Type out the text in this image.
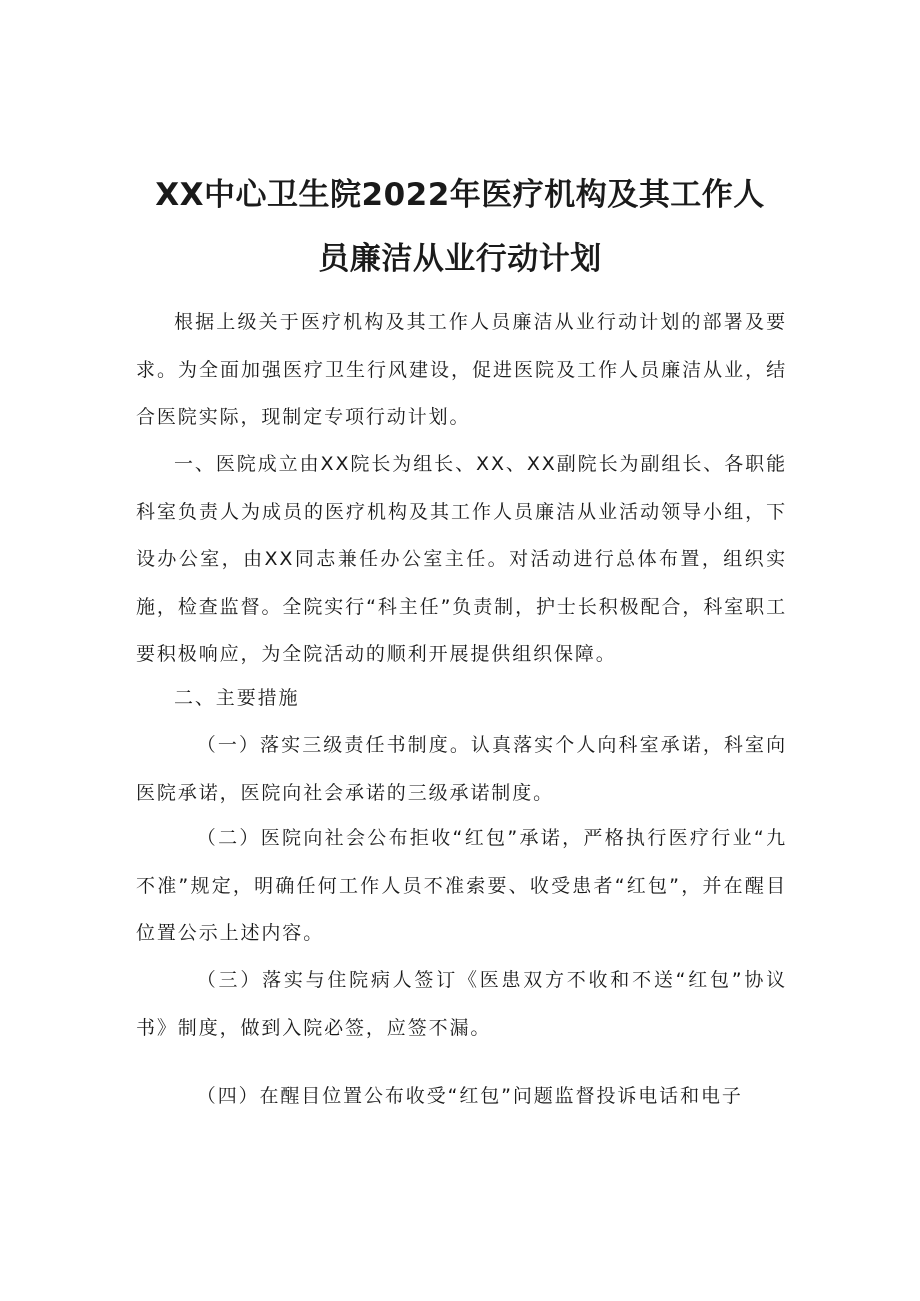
XX中心卫生院2022年医疗机构及其工作人
员廉洁从业行动计划

根据上级关于医疗机构及其工作人员廉洁从业行动计划的部署及要求。为全面加强医疗卫生行风建设，促进医院及工作人员廉洁从业，结合医院实际，现制定专项行动计划。

一、医院成立由XX院长为组长、XX、XX副院长为副组长、各职能科室负责人为成员的医疗机构及其工作人员廉洁从业活动领导小组，下设办公室，由XX同志兼任办公室主任。对活动进行总体布置，组织实施，检查监督。全院实行“科主任”负责制，护士长积极配合，科室职工要积极响应，为全院活动的顺利开展提供组织保障。

二、主要措施

（一）落实三级责任书制度。认真落实个人向科室承诺，科室向医院承诺，医院向社会承诺的三级承诺制度。

（二）医院向社会公布拒收“红包”承诺，严格执行医疗行业“九不准”规定，明确任何工作人员不准索要、收受患者“红包”，并在醒目位置公示上述内容。

（三）落实与住院病人签订《医患双方不收和不送“红包”协议书》制度，做到入院必签，应签不漏。

（四）在醒目位置公布收受“红包”问题监督投诉电话和电子
